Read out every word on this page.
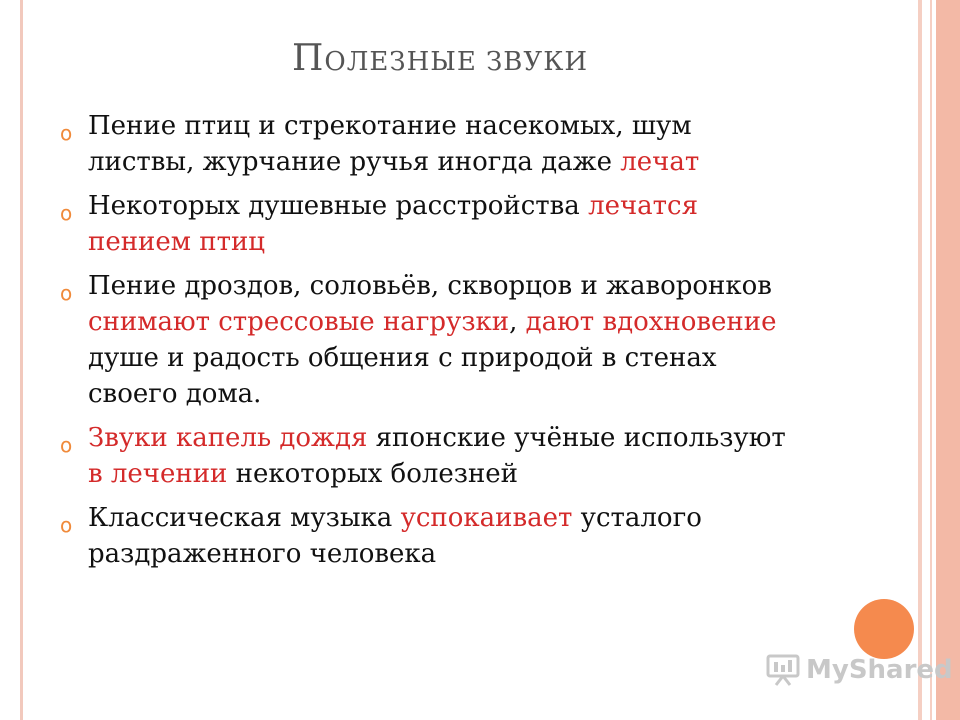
ПОЛЕЗНЫЕ ЗВУКИ
ο Пение птиц и стрекотание насекомых, шум листвы, журчание ручья иногда даже лечат
ο Некоторых душевные расстройства лечатся пением птиц
ο Пение дроздов, соловьёв, скворцов и жаворонков снимают стрессовые нагрузки, дают вдохновение душе и радость общения с природой в стенах своего дома.
ο Звуки капель дождя японские учёные используют в лечении некоторых болезней
ο Классическая музыка успокаивает усталого раздраженного человека
MyShared
